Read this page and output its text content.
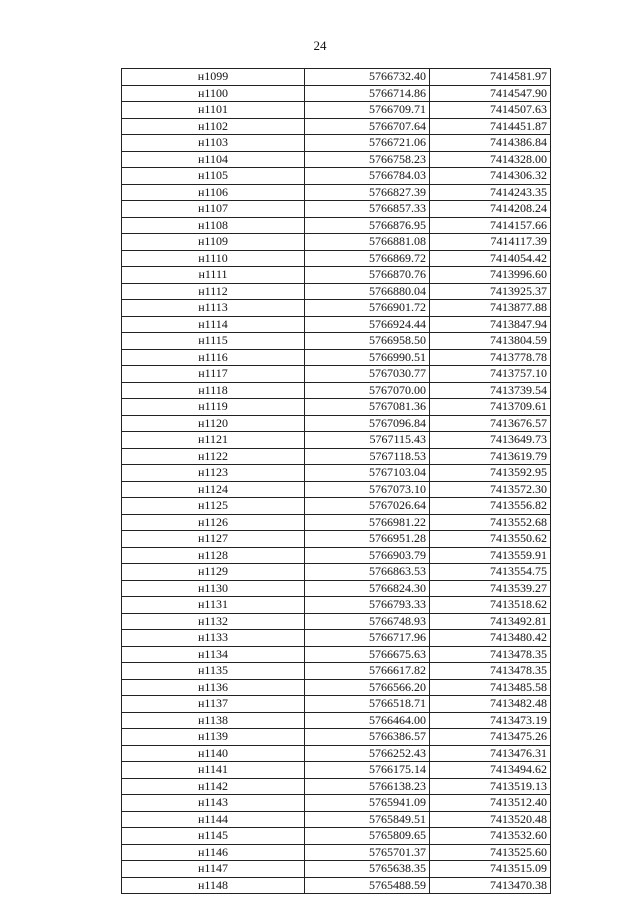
24
н1099	5766732.40	7414581.97
н1100	5766714.86	7414547.90
н1101	5766709.71	7414507.63
н1102	5766707.64	7414451.87
н1103	5766721.06	7414386.84
н1104	5766758.23	7414328.00
н1105	5766784.03	7414306.32
н1106	5766827.39	7414243.35
н1107	5766857.33	7414208.24
н1108	5766876.95	7414157.66
н1109	5766881.08	7414117.39
н1110	5766869.72	7414054.42
н1111	5766870.76	7413996.60
н1112	5766880.04	7413925.37
н1113	5766901.72	7413877.88
н1114	5766924.44	7413847.94
н1115	5766958.50	7413804.59
н1116	5766990.51	7413778.78
н1117	5767030.77	7413757.10
н1118	5767070.00	7413739.54
н1119	5767081.36	7413709.61
н1120	5767096.84	7413676.57
н1121	5767115.43	7413649.73
н1122	5767118.53	7413619.79
н1123	5767103.04	7413592.95
н1124	5767073.10	7413572.30
н1125	5767026.64	7413556.82
н1126	5766981.22	7413552.68
н1127	5766951.28	7413550.62
н1128	5766903.79	7413559.91
н1129	5766863.53	7413554.75
н1130	5766824.30	7413539.27
н1131	5766793.33	7413518.62
н1132	5766748.93	7413492.81
н1133	5766717.96	7413480.42
н1134	5766675.63	7413478.35
н1135	5766617.82	7413478.35
н1136	5766566.20	7413485.58
н1137	5766518.71	7413482.48
н1138	5766464.00	7413473.19
н1139	5766386.57	7413475.26
н1140	5766252.43	7413476.31
н1141	5766175.14	7413494.62
н1142	5766138.23	7413519.13
н1143	5765941.09	7413512.40
н1144	5765849.51	7413520.48
н1145	5765809.65	7413532.60
н1146	5765701.37	7413525.60
н1147	5765638.35	7413515.09
н1148	5765488.59	7413470.38
